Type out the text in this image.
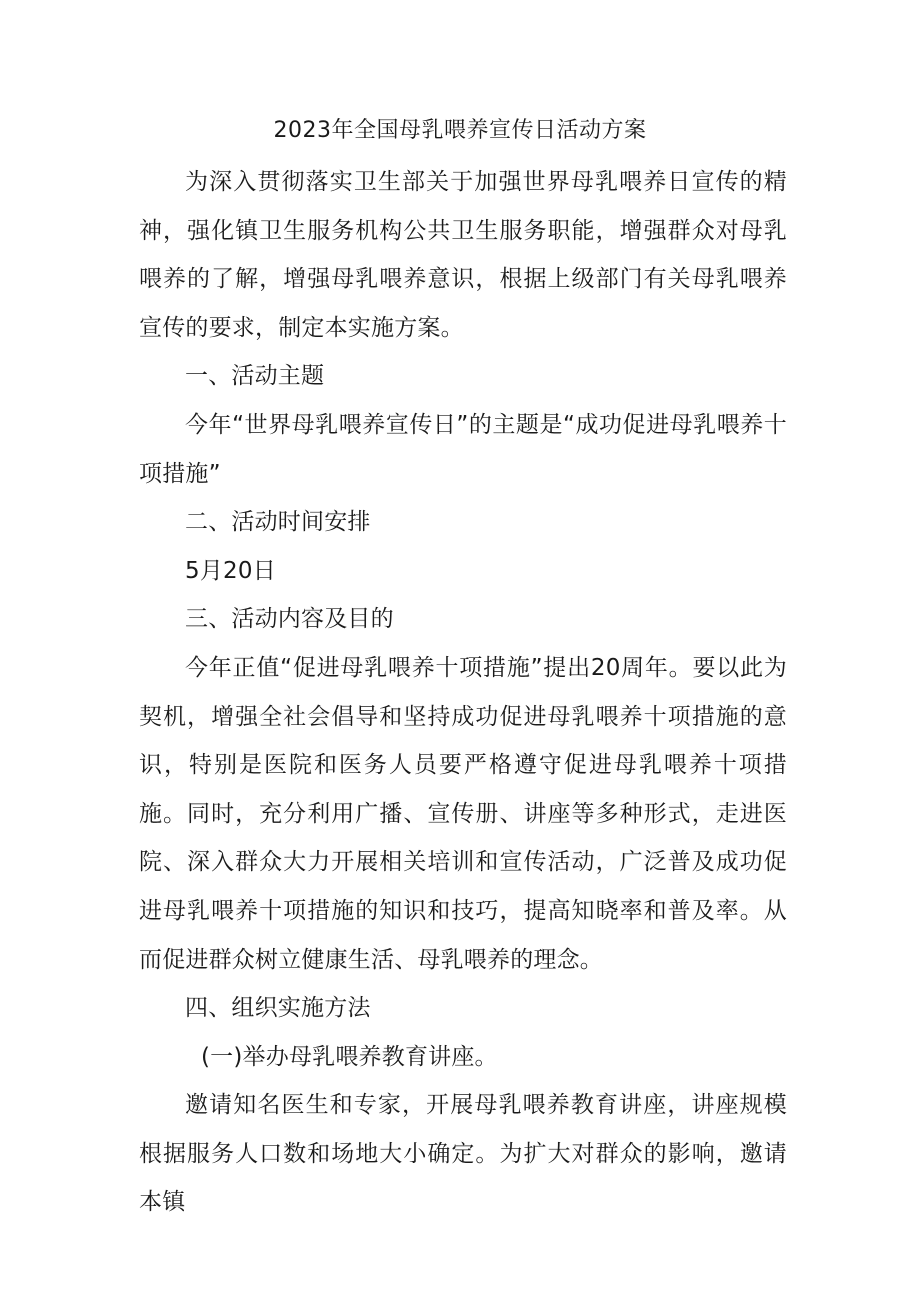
2023年全国母乳喂养宣传日活动方案

为深入贯彻落实卫生部关于加强世界母乳喂养日宣传的精神，强化镇卫生服务机构公共卫生服务职能，增强群众对母乳喂养的了解，增强母乳喂养意识，根据上级部门有关母乳喂养宣传的要求，制定本实施方案。

一、活动主题

今年“世界母乳喂养宣传日”的主题是“成功促进母乳喂养十项措施”

二、活动时间安排

5月20日

三、活动内容及目的

今年正值“促进母乳喂养十项措施”提出20周年。要以此为契机，增强全社会倡导和坚持成功促进母乳喂养十项措施的意识，特别是医院和医务人员要严格遵守促进母乳喂养十项措施。同时，充分利用广播、宣传册、讲座等多种形式，走进医院、深入群众大力开展相关培训和宣传活动，广泛普及成功促进母乳喂养十项措施的知识和技巧，提高知晓率和普及率。从而促进群众树立健康生活、母乳喂养的理念。

四、组织实施方法

(一)举办母乳喂养教育讲座。

邀请知名医生和专家，开展母乳喂养教育讲座，讲座规模根据服务人口数和场地大小确定。为扩大对群众的影响，邀请本镇
